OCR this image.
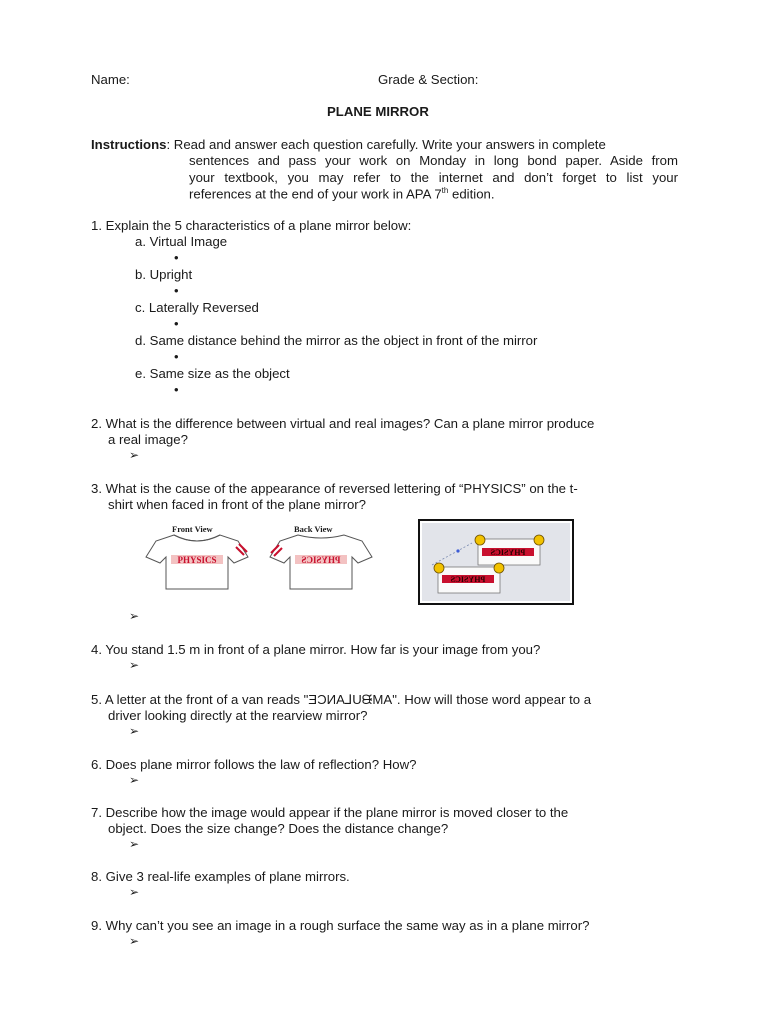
Name:	Grade & Section:
PLANE MIRROR
Instructions: Read and answer each question carefully. Write your answers in complete
sentences and pass your work on Monday in long bond paper. Aside from
your textbook, you may refer to the internet and don’t forget to list your
references at the end of your work in APA 7th edition.
1. Explain the 5 characteristics of a plane mirror below:
a. Virtual Image
•
b. Upright
•
c. Laterally Reversed
•
d. Same distance behind the mirror as the object in front of the mirror
•
e. Same size as the object
•
2. What is the difference between virtual and real images? Can a plane mirror produce
a real image?
➢
3. What is the cause of the appearance of reversed lettering of “PHYSICS” on the t-
shirt when faced in front of the plane mirror?
Front View	Back View
PHYSICS	PHYSICS
PHYSICS
PHYSICS
➢
4. You stand 1.5 m in front of a plane mirror. How far is your image from you?
➢
5. A letter at the front of a van reads "ƎƆИA⅃UᙠMA". How will those word appear to a
driver looking directly at the rearview mirror?
➢
6. Does plane mirror follows the law of reflection? How?
➢
7. Describe how the image would appear if the plane mirror is moved closer to the
object. Does the size change? Does the distance change?
➢
8. Give 3 real-life examples of plane mirrors.
➢
9. Why can’t you see an image in a rough surface the same way as in a plane mirror?
➢
